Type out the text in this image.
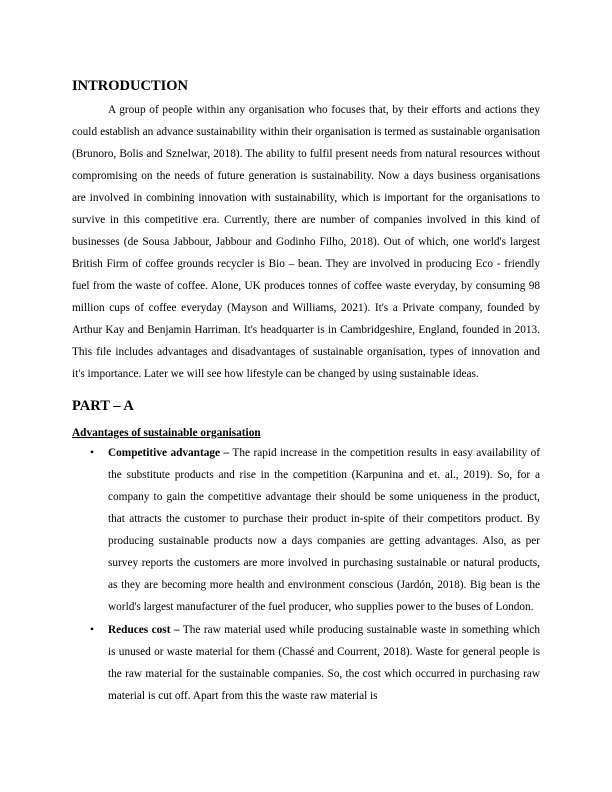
INTRODUCTION

A group of people within any organisation who focuses that, by their efforts and actions they could establish an advance sustainability within their organisation is termed as sustainable organisation (Brunoro, Bolis and Sznelwar, 2018). The ability to fulfil present needs from natural resources without compromising on the needs of future generation is sustainability. Now a days business organisations are involved in combining innovation with sustainability, which is important for the organisations to survive in this competitive era. Currently, there are number of companies involved in this kind of businesses (de Sousa Jabbour, Jabbour and Godinho Filho, 2018). Out of which, one world's largest British Firm of coffee grounds recycler is Bio – bean. They are involved in producing Eco - friendly fuel from the waste of coffee. Alone, UK produces tonnes of coffee waste everyday, by consuming 98 million cups of coffee everyday (Mayson and Williams, 2021). It's a Private company, founded by Arthur Kay and Benjamin Harriman. It's headquarter is in Cambridgeshire, England, founded in 2013. This file includes advantages and disadvantages of sustainable organisation, types of innovation and it's importance. Later we will see how lifestyle can be changed by using sustainable ideas.

PART – A
Advantages of sustainable organisation
• Competitive advantage – The rapid increase in the competition results in easy availability of the substitute products and rise in the competition (Karpunina and et. al., 2019). So, for a company to gain the competitive advantage their should be some uniqueness in the product, that attracts the customer to purchase their product in-spite of their competitors product. By producing sustainable products now a days companies are getting advantages. Also, as per survey reports the customers are more involved in purchasing sustainable or natural products, as they are becoming more health and environment conscious (Jardón, 2018). Big bean is the world's largest manufacturer of the fuel producer, who supplies power to the buses of London.
• Reduces cost – The raw material used while producing sustainable waste in something which is unused or waste material for them (Chassé and Courrent, 2018). Waste for general people is the raw material for the sustainable companies. So, the cost which occurred in purchasing raw material is cut off. Apart from this the waste raw material is
